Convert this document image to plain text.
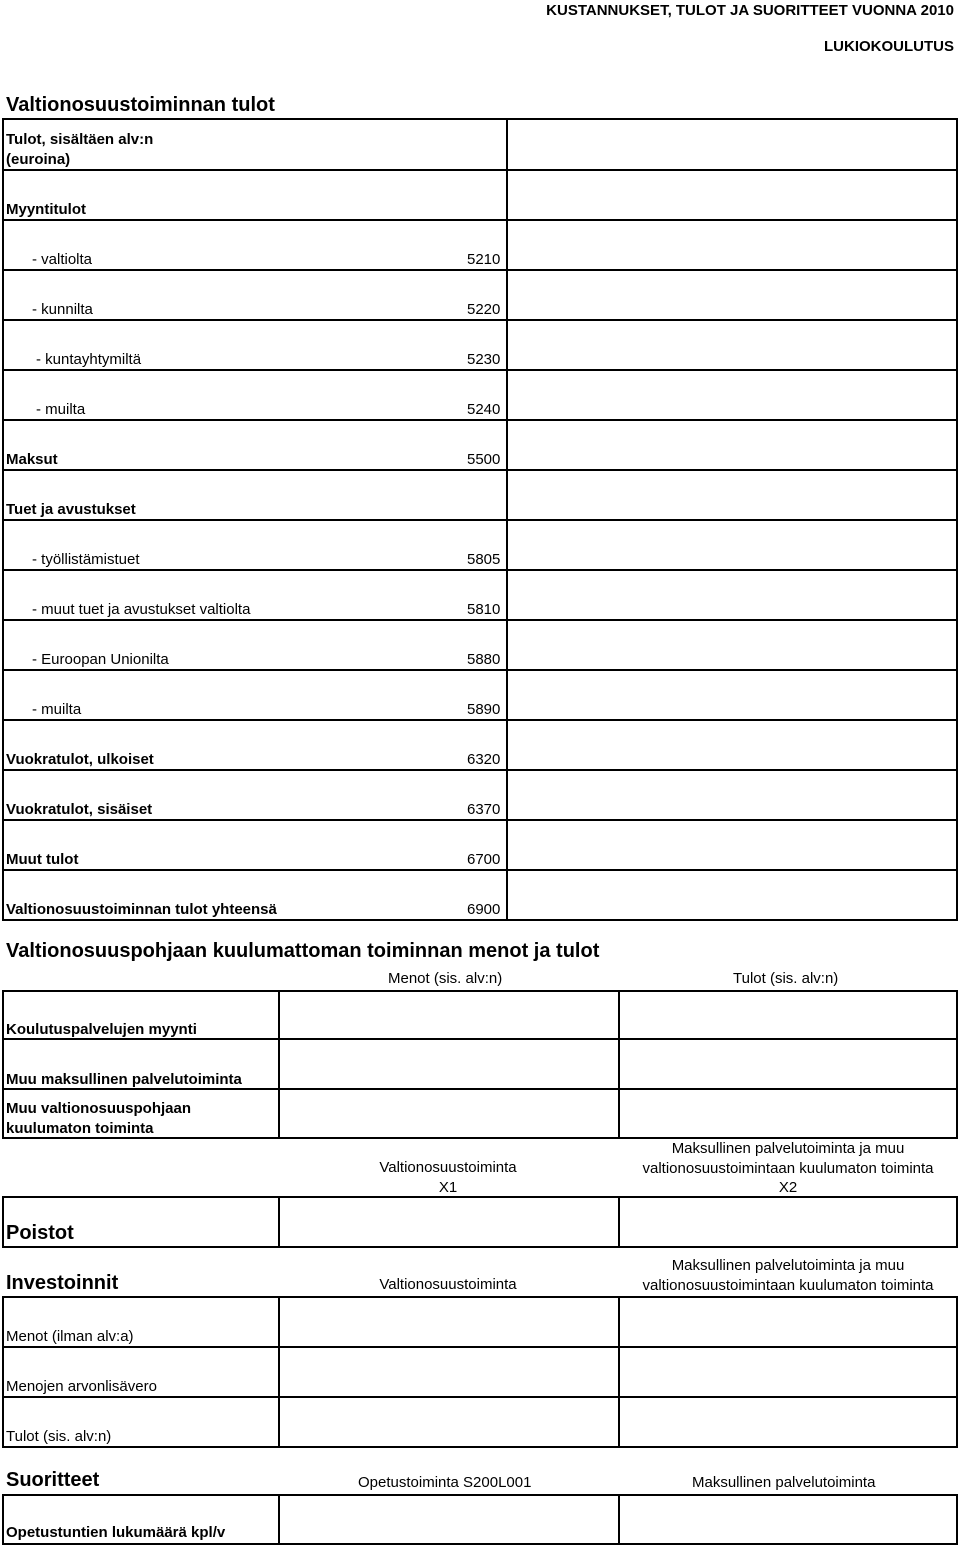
KUSTANNUKSET, TULOT JA SUORITTEET VUONNA 2010
LUKIOKOULUTUS
Valtionosuustoiminnan tulot
Tulot, sisältäen alv:n
(euroina)
Myyntitulot
- valtiolta	5210
- kunnilta	5220
- kuntayhtymiltä	5230
- muilta	5240
Maksut	5500
Tuet ja avustukset
- työllistämistuet	5805
- muut tuet ja avustukset valtiolta	5810
- Euroopan Unionilta	5880
- muilta	5890
Vuokratulot, ulkoiset	6320
Vuokratulot, sisäiset	6370
Muut tulot	6700
Valtionosuustoiminnan tulot yhteensä	6900
Valtionosuuspohjaan kuulumattoman toiminnan menot ja tulot
Menot (sis. alv:n)	Tulot (sis. alv:n)
Koulutuspalvelujen myynti
Muu maksullinen palvelutoiminta
Muu valtionosuuspohjaan
kuulumaton toiminta
Valtionosuustoiminta
X1
Maksullinen palvelutoiminta ja muu
valtionosuustoimintaan kuulumaton toiminta
X2
Poistot
Investoinnit	Valtionosuustoiminta
Maksullinen palvelutoiminta ja muu
valtionosuustoimintaan kuulumaton toiminta
Menot (ilman alv:a)
Menojen arvonlisävero
Tulot (sis. alv:n)
Suoritteet	Opetustoiminta S200L001	Maksullinen palvelutoiminta
Opetustuntien lukumäärä kpl/v
